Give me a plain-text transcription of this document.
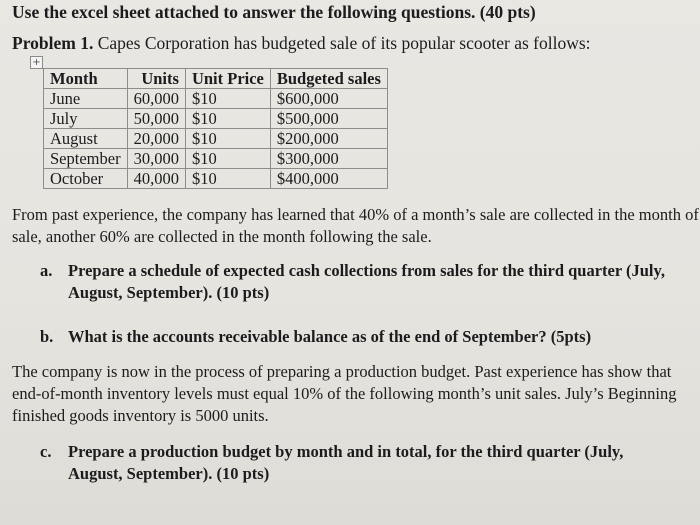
Use the excel sheet attached to answer the following questions. (40 pts)
Problem 1. Capes Corporation has budgeted sale of its popular scooter as follows:
+
Month	Units	Unit Price	Budgeted sales
June	60,000	$10	$600,000
July	50,000	$10	$500,000
August	20,000	$10	$200,000
September	30,000	$10	$300,000
October	40,000	$10	$400,000
From past experience, the company has learned that 40% of a month’s sale are collected in the month of sale, another 60% are collected in the month following the sale.
a. Prepare a schedule of expected cash collections from sales for the third quarter (July, August, September). (10 pts)
b. What is the accounts receivable balance as of the end of September? (5pts)
The company is now in the process of preparing a production budget. Past experience has show that end-of-month inventory levels must equal 10% of the following month’s unit sales. July’s Beginning finished goods inventory is 5000 units.
c. Prepare a production budget by month and in total, for the third quarter (July, August, September). (10 pts)
